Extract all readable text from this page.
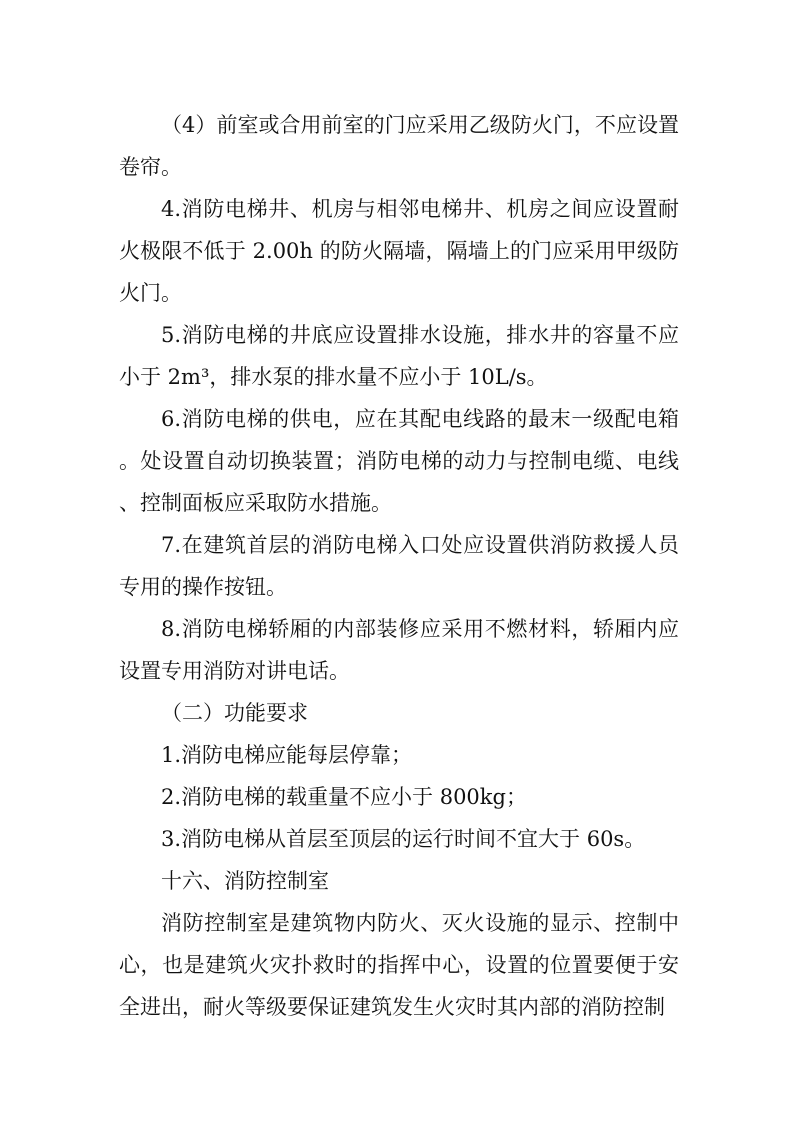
（4）前室或合用前室的门应采用乙级防火门，不应设置卷帘。

4.消防电梯井、机房与相邻电梯井、机房之间应设置耐火极限不低于 2.00h 的防火隔墙，隔墙上的门应采用甲级防火门。

5.消防电梯的井底应设置排水设施，排水井的容量不应小于 2m³，排水泵的排水量不应小于 10L/s。

6.消防电梯的供电，应在其配电线路的最末一级配电箱。处设置自动切换装置；消防电梯的动力与控制电缆、电线、控制面板应采取防水措施。

7.在建筑首层的消防电梯入口处应设置供消防救援人员专用的操作按钮。

8.消防电梯轿厢的内部装修应采用不燃材料，轿厢内应设置专用消防对讲电话。

（二）功能要求

1.消防电梯应能每层停靠；

2.消防电梯的载重量不应小于 800kg；

3.消防电梯从首层至顶层的运行时间不宜大于 60s。

十六、消防控制室

消防控制室是建筑物内防火、灭火设施的显示、控制中心，也是建筑火灾扑救时的指挥中心，设置的位置要便于安全进出，耐火等级要保证建筑发生火灾时其内部的消防控制
